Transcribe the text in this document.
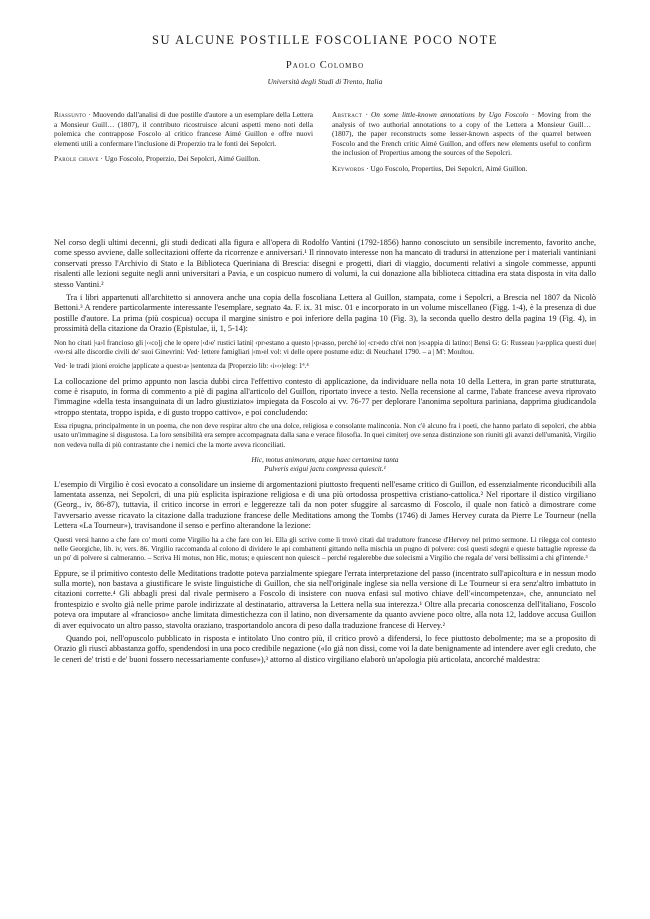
SU ALCUNE POSTILLE FOSCOLIANE POCO NOTE
Paolo Colombo
Università degli Studi di Trento, Italia
Riassunto · Muovendo dall'analisi di due postille d'autore a un esemplare della Lettera a Monsieur Guill… (1807), il contributo ricostruisce alcuni aspetti meno noti della polemica che contrappose Foscolo al critico francese Aimé Guillon e offre nuovi elementi utili a confermare l'inclusione di Properzio tra le fonti dei Sepolcri.
Parole chiave · Ugo Foscolo, Properzio, Dei Sepolcri, Aimé Guillon.
Abstract · On some little-known annotations by Ugo Foscolo · Moving from the analysis of two authorial annotations to a copy of the Lettera a Monsieur Guill… (1807), the paper reconstructs some lesser-known aspects of the quarrel between Foscolo and the French critic Aimé Guillon, and offers new elements useful to confirm the inclusion of Propertius among the sources of the Sepolcri.
Keywords · Ugo Foscolo, Propertius, Dei Sepolcri, Aimé Guillon.

Nel corso degli ultimi decenni, gli studi dedicati alla figura e all'opera di Rodolfo Vantini (1792-1856) hanno conosciuto un sensibile incremento, favorito anche, come spesso avviene, dalle sollecitazioni offerte da ricorrenze e anniversari.¹ Il rinnovato interesse non ha mancato di tradursi in attenzione per i materiali vantiniani conservati presso l'Archivio di Stato e la Biblioteca Queriniana di Brescia: disegni e progetti, diari di viaggio, documenti relativi a singole commesse, appunti risalenti alle lezioni seguite negli anni universitari a Pavia, e un cospicuo numero di volumi, la cui donazione alla biblioteca cittadina era stata disposta in vita dallo stesso Vantini.²

Tra i libri appartenuti all'architetto si annovera anche una copia della foscoliana Lettera al Guillon, stampata, come i Sepolcri, a Brescia nel 1807 da Nicolò Bettoni.³ A rendere particolarmente interessante l'esemplare, segnato 4a. F. ix. 31 misc. 01 e incorporato in un volume miscellaneo (Figg. 1-4), è la presenza di due postille d'autore. La prima (più cospicua) occupa il margine sinistro e poi inferiore della pagina 10 (Fig. 3), la seconda quello destro della pagina 19 (Fig. 4), in prossimità della citazione da Orazio (Epistulae, ii, 1, 5-14):

Non ho citati |‹a›l francioso gli |‹‹co]j che le opere |‹d›e' rustici latini| ‹pr›estano a questo |‹p›asso, perché io| ‹cr›edo ch'ei non |‹s›appia di latino:| Bensì G: G: Russeau |‹a›pplica questi due| ‹ve›rsi alle discordie civili de' suoi Ginevrini: Ved· lettere famigliari |‹m›el vol: vi delle opere postume ediz: di Neuchatel 1790. – a | M': Moultou.
Ved· le tradi |zioni eroiche |applicate a quest‹a› |sentenza da |Properzio lib: ‹i›‹›|eleg: 1ª.⁴

La collocazione del primo appunto non lascia dubbi circa l'effettivo contesto di applicazione, da individuare nella nota 10 della Lettera, in gran parte strutturata, come è risaputo, in forma di commento a piè di pagina all'articolo del Guillon, riportato invece a testo. Nella recensione al carme, l'abate francese aveva riprovato l'immagine «della testa insanguinata di un ladro giustiziato» impiegata da Foscolo ai vv. 76-77 per deplorare l'anonima sepoltura pariniana, dapprima giudicandola «troppo stentata, troppo ispida, e di gusto troppo cattivo», e poi concludendo:

Essa ripugna, principalmente in un poema, che non deve respirar altro che una dolce, religiosa e consolante malinconia. Non c'è alcuno fra i poeti, che hanno parlato di sepolcri, che abbia usato un'immagine sì disgustosa. La loro sensibilità era sempre accompagnata dalla sana e verace filosofia. In quei cimiterj ove senza distinzione son riuniti gli avanzi dell'umanità, Virgilio non vedeva nulla di più contrastante che i nemici che la morte aveva riconciliati.
Hic, motus animorum, atque haec certamina tanta
Pulveris exigui jactu compressa quiescit.¹

L'esempio di Virgilio è così evocato a consolidare un insieme di argomentazioni piuttosto frequenti nell'esame critico di Guillon, ed essenzialmente riconducibili alla lamentata assenza, nei Sepolcri, di una più esplicita ispirazione religiosa e di una più ortodossa prospettiva cristiano-cattolica.² Nel riportare il distico virgiliano (Georg., iv, 86-87), tuttavia, il critico incorse in errori e leggerezze tali da non poter sfuggire al sarcasmo di Foscolo, il quale non faticò a dimostrare come l'avversario avesse ricavato la citazione dalla traduzione francese delle Meditations among the Tombs (1746) di James Hervey curata da Pierre Le Tourneur (nella Lettera «La Tourneur»), travisandone il senso e perfino alterandone la lezione:

Questi versi hanno a che fare co' morti come Virgilio ha a che fare con lei. Ella gli scrive come li trovò citati dal traduttore francese d'Hervey nel primo sermone. Li rilegga col contesto nelle Georgiche, lib. iv, vers. 86. Virgilio raccomanda al colono di dividere le api combattenti gittando nella mischia un pugno di polvere: così questi sdegni e queste battaglie represse da un po' di polvere si calmeranno. – Scriva Hi motus, non Hic, motus; e quiescent non quiescit – perché regalerebbe due solecismi a Virgilio che regala de' versi bellissimi a chi gl'intende.³

Eppure, se il primitivo contesto delle Meditations tradotte poteva parzialmente spiegare l'errata interpretazione del passo (incentrato sull'apicoltura e in nessun modo sulla morte), non bastava a giustificare le sviste linguistiche di Guillon, che sia nell'originale inglese sia nella versione di Le Tourneur si era senz'altro imbattuto in citazioni corrette.⁴ Gli abbagli presi dal rivale permisero a Foscolo di insistere con nuova enfasi sul motivo chiave dell'«incompetenza», che, annunciato nel frontespizio e svolto già nelle prime parole indirizzate al destinatario, attraversa la Lettera nella sua interezza.¹ Oltre alla precaria conoscenza dell'italiano, Foscolo poteva ora imputare al «francioso» anche limitata dimestichezza con il latino, non diversamente da quanto avviene poco oltre, alla nota 12, laddove accusa Guillon di aver equivocato un altro passo, stavolta oraziano, trasportandolo ancora di peso dalla traduzione francese di Hervey.²

Quando poi, nell'opuscolo pubblicato in risposta e intitolato Uno contro più, il critico provò a difendersi, lo fece piuttosto debolmente; ma se a proposito di Orazio gli riuscì abbastanza goffo, spendendosi in una poco credibile negazione («Io già non dissi, come voi la date benignamente ad intendere aver egli creduto, che le ceneri de' tristi e de' buoni fossero necessariamente confuse»),³ attorno al distico virgiliano elaborò un'apologia più articolata, ancorché maldestra:
